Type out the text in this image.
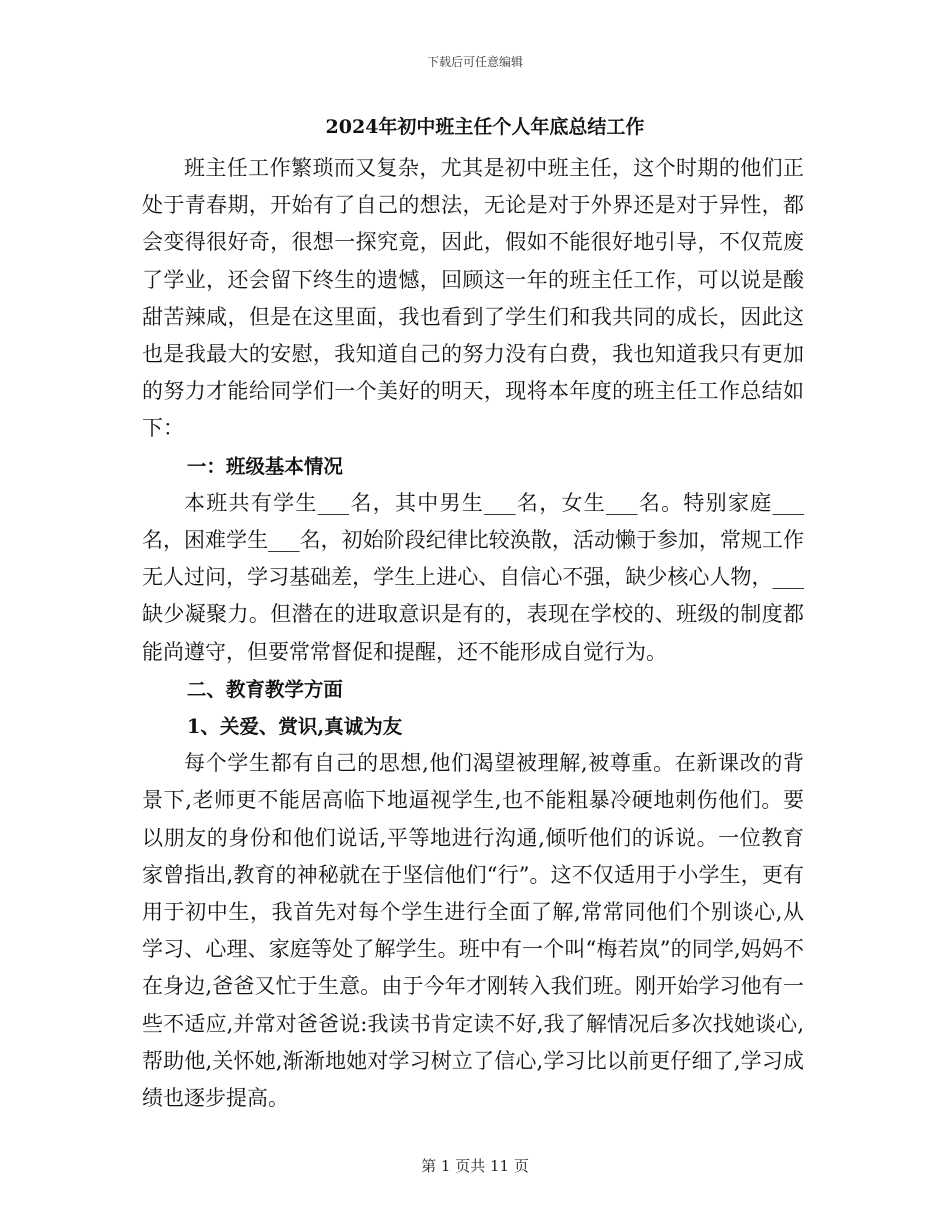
下载后可任意编辑
2024年初中班主任个人年底总结工作

班主任工作繁琐而又复杂，尤其是初中班主任，这个时期的他们正处于青春期，开始有了自己的想法，无论是对于外界还是对于异性，都会变得很好奇，很想一探究竟，因此，假如不能很好地引导，不仅荒废了学业，还会留下终生的遗憾，回顾这一年的班主任工作，可以说是酸甜苦辣咸，但是在这里面，我也看到了学生们和我共同的成长，因此这也是我最大的安慰，我知道自己的努力没有白费，我也知道我只有更加的努力才能给同学们一个美好的明天，现将本年度的班主任工作总结如下：

一：班级基本情况

本班共有学生___名，其中男生___名，女生___名。特别家庭___名，困难学生___名，初始阶段纪律比较涣散，活动懒于参加，常规工作无人过问，学习基础差，学生上进心、自信心不强，缺少核心人物，___缺少凝聚力。但潜在的进取意识是有的，表现在学校的、班级的制度都能尚遵守，但要常常督促和提醒，还不能形成自觉行为。

二、教育教学方面

1、关爱、赏识,真诚为友

每个学生都有自己的思想,他们渴望被理解,被尊重。在新课改的背景下,老师更不能居高临下地逼视学生,也不能粗暴冷硬地刺伤他们。要以朋友的身份和他们说话,平等地进行沟通,倾听他们的诉说。一位教育家曾指出,教育的神秘就在于坚信他们“行”。这不仅适用于小学生，更有用于初中生，我首先对每个学生进行全面了解,常常同他们个别谈心,从学习、心理、家庭等处了解学生。班中有一个叫“梅若岚”的同学,妈妈不在身边,爸爸又忙于生意。由于今年才刚转入我们班。刚开始学习他有一些不适应,并常对爸爸说:我读书肯定读不好,我了解情况后多次找她谈心,帮助他,关怀她,渐渐地她对学习树立了信心,学习比以前更仔细了,学习成绩也逐步提高。

第 1 页共 11 页
